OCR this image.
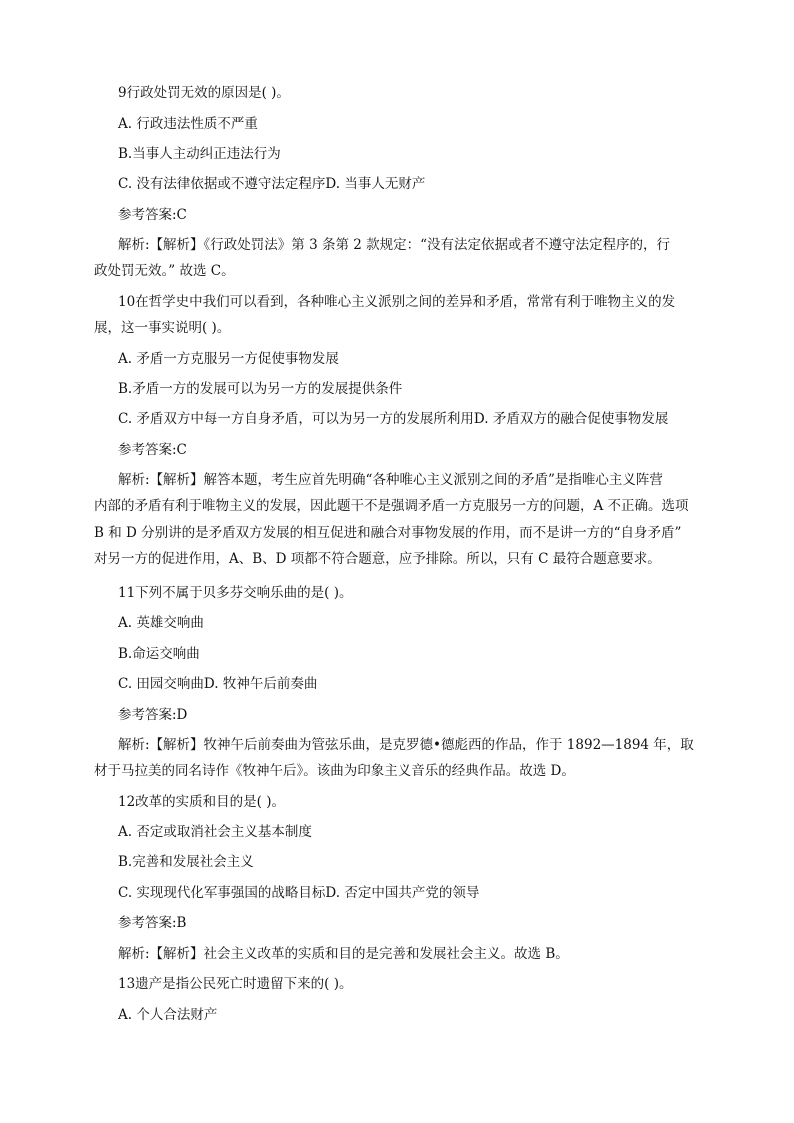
9行政处罚无效的原因是( )。
A. 行政违法性质不严重
B.当事人主动纠正违法行为
C. 没有法律依据或不遵守法定程序D. 当事人无财产
参考答案:C
解析:【解析】《行政处罚法》第 3 条第 2 款规定：“没有法定依据或者不遵守法定程序的，行
政处罚无效。” 故选 C。
10在哲学史中我们可以看到，各种唯心主义派别之间的差异和矛盾，常常有利于唯物主义的发
展，这一事实说明( )。
A. 矛盾一方克服另一方促使事物发展
B.矛盾一方的发展可以为另一方的发展提供条件
C. 矛盾双方中每一方自身矛盾，可以为另一方的发展所利用D. 矛盾双方的融合促使事物发展
参考答案:C
解析:【解析】解答本题，考生应首先明确“各种唯心主义派别之间的矛盾”是指唯心主义阵营
内部的矛盾有利于唯物主义的发展，因此题干不是强调矛盾一方克服另一方的问题，A 不正确。选项
B 和 D 分别讲的是矛盾双方发展的相互促进和融合对事物发展的作用，而不是讲一方的“自身矛盾”
对另一方的促进作用，A、B、D 项都不符合题意，应予排除。所以，只有 C 最符合题意要求。
11下列不属于贝多芬交响乐曲的是( )。
A. 英雄交响曲
B.命运交响曲
C. 田园交响曲D. 牧神午后前奏曲
参考答案:D
解析:【解析】牧神午后前奏曲为管弦乐曲，是克罗德•德彪西的作品，作于 1892—1894 年，取
材于马拉美的同名诗作《牧神午后》。该曲为印象主义音乐的经典作品。故选 D。
12改革的实质和目的是( )。
A. 否定或取消社会主义基本制度
B.完善和发展社会主义
C. 实现现代化军事强国的战略目标D. 否定中国共产党的领导
参考答案:B
解析:【解析】社会主义改革的实质和目的是完善和发展社会主义。故选 B。
13遗产是指公民死亡时遗留下来的( )。
A. 个人合法财产
